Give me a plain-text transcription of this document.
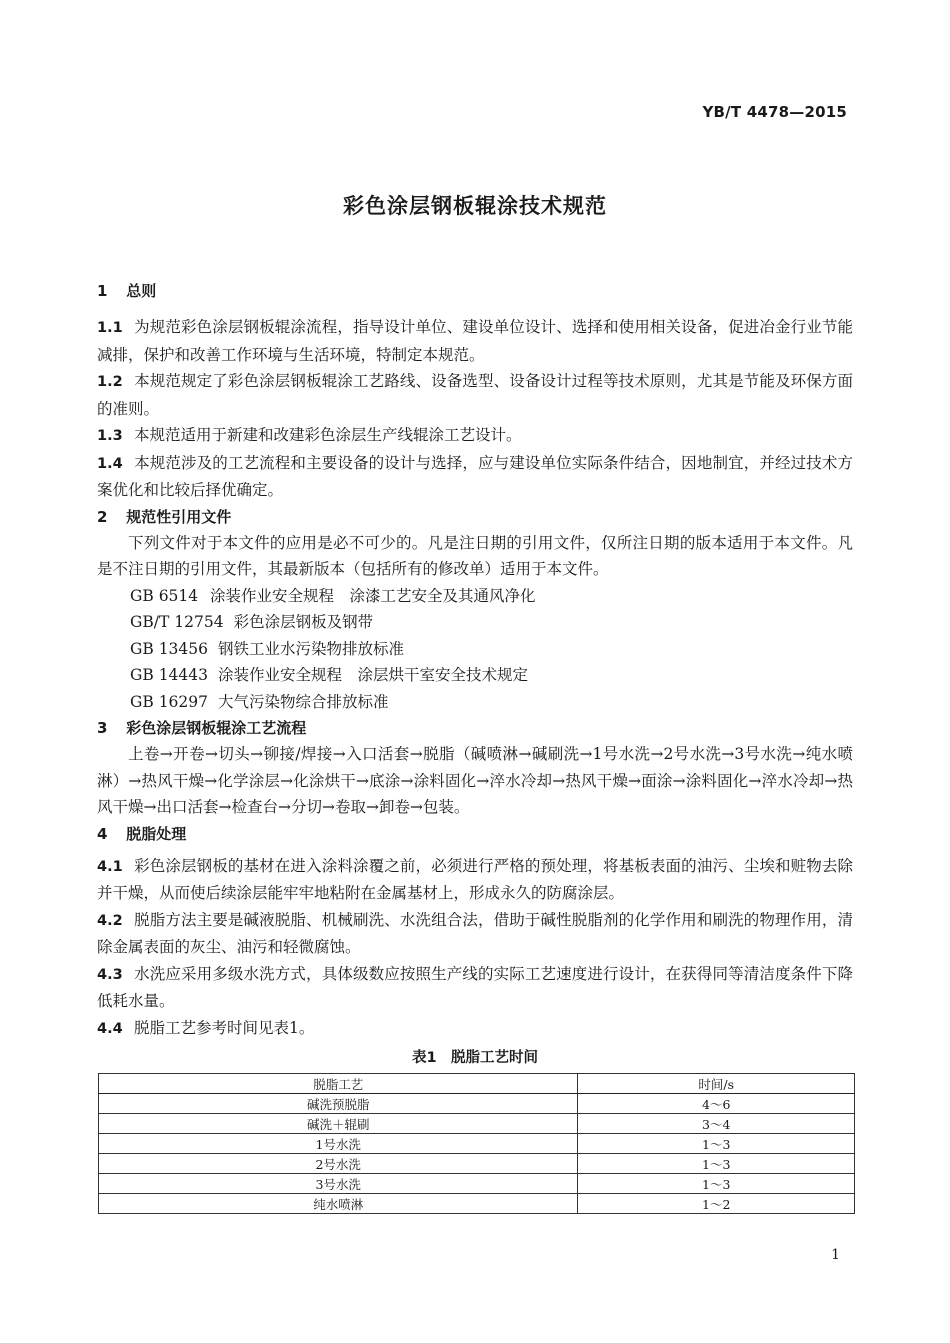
YB/T 4478—2015
彩色涂层钢板辊涂技术规范
1 总则

1.1 为规范彩色涂层钢板辊涂流程，指导设计单位、建设单位设计、选择和使用相关设备，促进冶金行业节能减排，保护和改善工作环境与生活环境，特制定本规范。

1.2 本规范规定了彩色涂层钢板辊涂工艺路线、设备选型、设备设计过程等技术原则，尤其是节能及环保方面的准则。

1.3 本规范适用于新建和改建彩色涂层生产线辊涂工艺设计。

1.4 本规范涉及的工艺流程和主要设备的设计与选择，应与建设单位实际条件结合，因地制宜，并经过技术方案优化和比较后择优确定。

2 规范性引用文件

下列文件对于本文件的应用是必不可少的。凡是注日期的引用文件，仅所注日期的版本适用于本文件。凡是不注日期的引用文件，其最新版本（包括所有的修改单）适用于本文件。

GB 6514 涂装作业安全规程　涂漆工艺安全及其通风净化

GB/T 12754 彩色涂层钢板及钢带

GB 13456 钢铁工业水污染物排放标准

GB 14443 涂装作业安全规程　涂层烘干室安全技术规定

GB 16297 大气污染物综合排放标准

3 彩色涂层钢板辊涂工艺流程

上卷→开卷→切头→铆接/焊接→入口活套→脱脂（碱喷淋→碱刷洗→1号水洗→2号水洗→3号水洗→纯水喷淋）→热风干燥→化学涂层→化涂烘干→底涂→涂料固化→淬水冷却→热风干燥→面涂→涂料固化→淬水冷却→热风干燥→出口活套→检查台→分切→卷取→卸卷→包装。

4 脱脂处理

4.1 彩色涂层钢板的基材在进入涂料涂覆之前，必须进行严格的预处理，将基板表面的油污、尘埃和赃物去除并干燥，从而使后续涂层能牢牢地粘附在金属基材上，形成永久的防腐涂层。

4.2 脱脂方法主要是碱液脱脂、机械刷洗、水洗组合法，借助于碱性脱脂剂的化学作用和刷洗的物理作用，清除金属表面的灰尘、油污和轻微腐蚀。

4.3 水洗应采用多级水洗方式，具体级数应按照生产线的实际工艺速度进行设计，在获得同等清洁度条件下降低耗水量。

4.4 脱脂工艺参考时间见表1。

表1　脱脂工艺时间
脱脂工艺	时间/s
碱洗预脱脂	4～6
碱洗＋辊刷	3～4
1号水洗	1～3
2号水洗	1～3
3号水洗	1～3
纯水喷淋	1～2
1
